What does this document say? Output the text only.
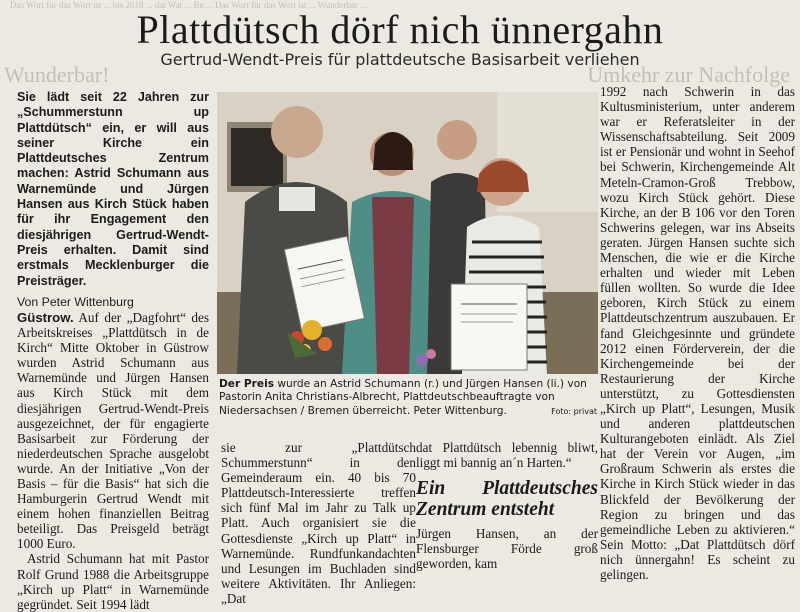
Das Wort für das Wort ist ... bis 2018 ... dat Wat ... Bu ... Das Wort für das Wort ist ... Wunderbar ...
Wunderbar!	Umkehr zur Nachfolge
Plattdütsch dörf nich ünnergahn
Gertrud-Wendt-Preis für plattdeutsche Basisarbeit verliehen

Sie lädt seit 22 Jahren zur „Schummerstunn up Plattdütsch“ ein, er will aus seiner Kirche ein Plattdeutsches Zentrum machen: Astrid Schumann aus Warnemünde und Jürgen Hansen aus Kirch Stück haben für ihr Engagement den diesjährigen Gertrud-Wendt-Preis erhalten. Damit sind erstmals Mecklenburger die Preisträger.

Von Peter Wittenburg

Güstrow. Auf der „Dagfohrt“ des Arbeitskreises „Plattdütsch in de Kirch“ Mitte Oktober in Güstrow wurden Astrid Schumann aus Warnemünde und Jürgen Hansen aus Kirch Stück mit dem diesjährigen Gertrud-Wendt-Preis ausgezeichnet, der für engagierte Basisarbeit zur Förderung der niederdeutschen Sprache ausgelobt wurde. An der Initiative „Von der Basis – für die Basis“ hat sich die Hamburgerin Gertrud Wendt mit einem hohen finanziellen Beitrag beteiligt. Das Preisgeld beträgt 1000 Euro.

Astrid Schumann hat mit Pastor Rolf Grund 1988 die Arbeitsgruppe „Kirch up Platt“ in Warnemünde gegründet. Seit 1994 lädt

Der Preis wurde an Astrid Schumann (r.) und Jürgen Hansen (li.) von Pastorin Anita Christians-Albrecht, Plattdeutschbeauftragte von Niedersachsen / Bremen überreicht. Peter Wittenburg.	Foto: privat

sie zur „Plattdütsch Schummerstunn“ in den Gemeinderaum ein. 40 bis 70 Plattdeutsch-Interessierte treffen sich fünf Mal im Jahr zu Talk up Platt. Auch organisiert sie die Gottesdienste „Kirch up Platt“ in Warnemünde. Rundfunkandachten und Lesungen im Buchladen sind weitere Aktivitäten. Ihr Anliegen: „Dat

dat Plattdütsch lebennig bliwt, liggt mi bannig an´n Harten.“

Ein Plattdeutsches Zentrum entsteht

Jürgen Hansen, an der Flensburger Förde groß geworden, kam

1992 nach Schwerin in das Kultusministerium, unter anderem war er Referatsleiter in der Wissenschaftsabteilung. Seit 2009 ist er Pensionär und wohnt in Seehof bei Schwerin, Kirchengemeinde Alt Meteln-Cramon-Groß Trebbow, wozu Kirch Stück gehört. Diese Kirche, an der B 106 vor den Toren Schwerins gelegen, war ins Abseits geraten. Jürgen Hansen suchte sich Menschen, die wie er die Kirche erhalten und wieder mit Leben füllen wollten. So wurde die Idee geboren, Kirch Stück zu einem Plattdeutschzentrum auszubauen. Er fand Gleichgesinnte und gründete 2012 einen Förderverein, der die Kirchengemeinde bei der Restaurierung der Kirche unterstützt, zu Gottesdiensten „Kirch up Platt“, Lesungen, Musik und anderen plattdeutschen Kulturangeboten einlädt. Als Ziel hat der Verein vor Augen, „im Großraum Schwerin als erstes die Kirche in Kirch Stück wieder in das Blickfeld der Bevölkerung der Region zu bringen und das gemeindliche Leben zu aktivieren.“ Sein Motto: „Dat Plattdütsch dörf nich ünnergahn! Es scheint zu gelingen.
